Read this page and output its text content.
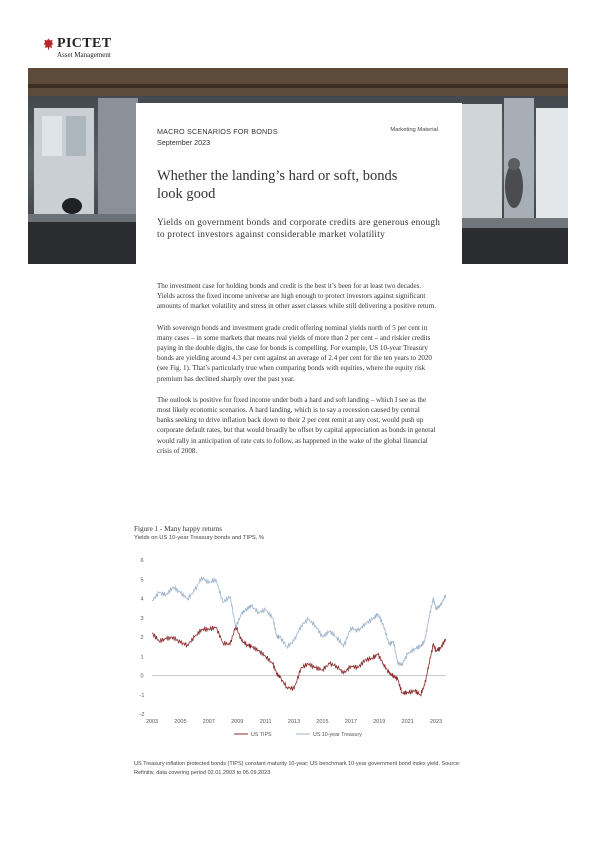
PICTET
Asset Management
MACRO SCENARIOS FOR BONDS
September 2023
Marketing Material
Whether the landing’s hard or soft, bonds look good
Yields on government bonds and corporate credits are generous enough to protect investors against considerable market volatility

The investment case for holding bonds and credit is the best it’s been for at least two decades. Yields across the fixed income universe are high enough to protect investors against significant amounts of market volatility and stress in other asset classes while still delivering a positive return.

With sovereign bonds and investment grade credit offering nominal yields north of 5 per cent in many cases – in some markets that means real yields of more than 2 per cent – and riskier credits paying in the double digits, the case for bonds is compelling. For example, US 10-year Treasury bonds are yielding around 4.3 per cent against an average of 2.4 per cent for the ten years to 2020 (see Fig. 1). That’s particularly true when comparing bonds with equities, where the equity risk premium has declined sharply over the past year.

The outlook is positive for fixed income under both a hard and soft landing – which I see as the most likely economic scenarios. A hard landing, which is to say a recession caused by central banks seeking to drive inflation back down to their 2 per cent remit at any cost, would push up corporate default rates, but that would broadly be offset by capital appreciation as bonds in general would rally in anticipation of rate cuts to follow, as happened in the wake of the global financial crisis of 2008.

Figure 1 - Many happy returns
Yields on US 10-year Treasury bonds and TIPS, %
-2
-1
0
1
2
3
4
5
6
2003	2005	2007	2009	2011	2013	2015	2017	2019	2021	2023
US TIPS	US 10-year Treasury
US Treasury inflation protected bonds (TIPS) constant maturity 10-year; US benchmark 10-year government bond index yield. Source: Refinitiv, data covering period 02.01.2003 to 05.09.2023
